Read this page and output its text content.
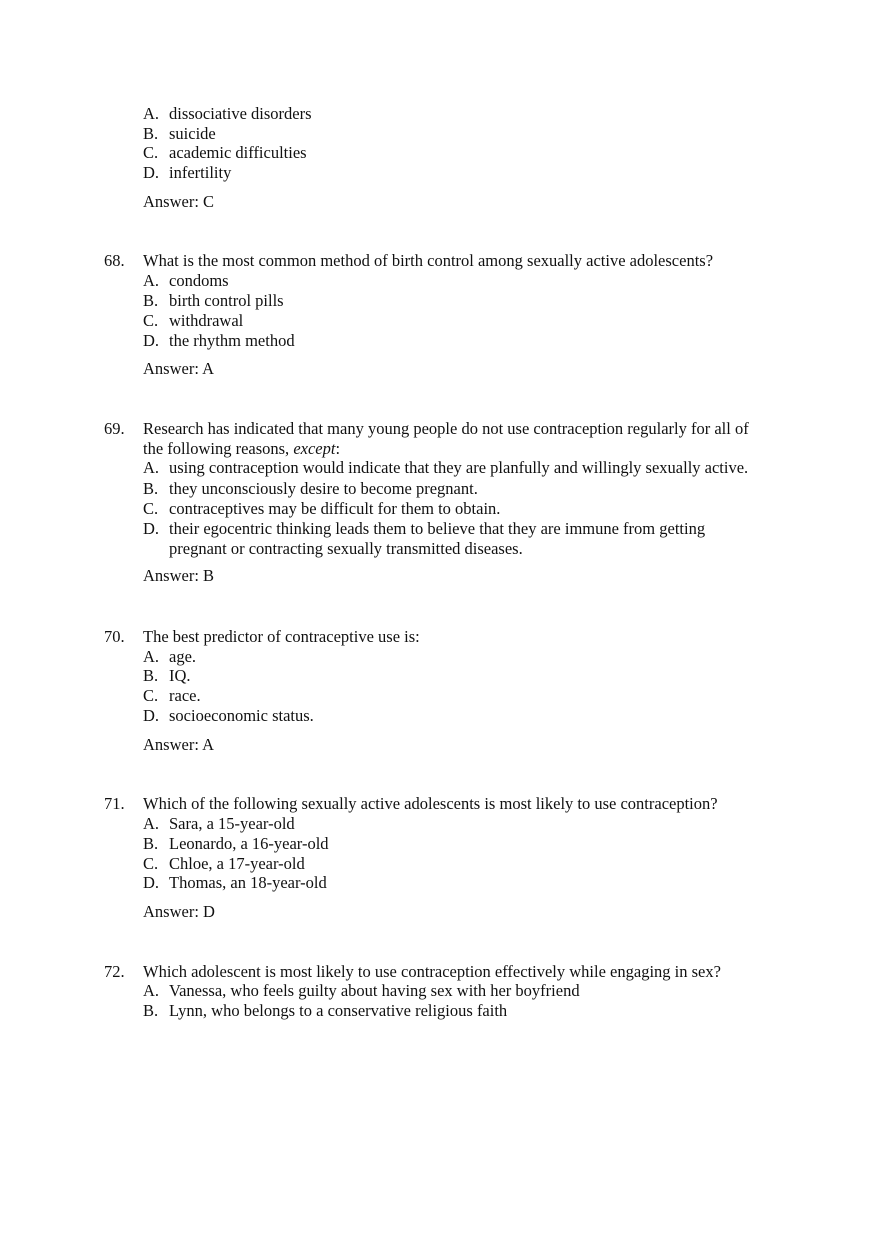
A. dissociative disorders
B. suicide
C. academic difficulties
D. infertility
Answer: C
68. What is the most common method of birth control among sexually active adolescents?
A. condoms
B. birth control pills
C. withdrawal
D. the rhythm method
Answer: A
69. Research has indicated that many young people do not use contraception regularly for all of
the following reasons, except:
A. using contraception would indicate that they are planfully and willingly sexually active.
B. they unconsciously desire to become pregnant.
C. contraceptives may be difficult for them to obtain.
D. their egocentric thinking leads them to believe that they are immune from getting
pregnant or contracting sexually transmitted diseases.
Answer: B
70. The best predictor of contraceptive use is:
A. age.
B. IQ.
C. race.
D. socioeconomic status.
Answer: A
71. Which of the following sexually active adolescents is most likely to use contraception?
A. Sara, a 15-year-old
B. Leonardo, a 16-year-old
C. Chloe, a 17-year-old
D. Thomas, an 18-year-old
Answer: D
72. Which adolescent is most likely to use contraception effectively while engaging in sex?
A. Vanessa, who feels guilty about having sex with her boyfriend
B. Lynn, who belongs to a conservative religious faith
